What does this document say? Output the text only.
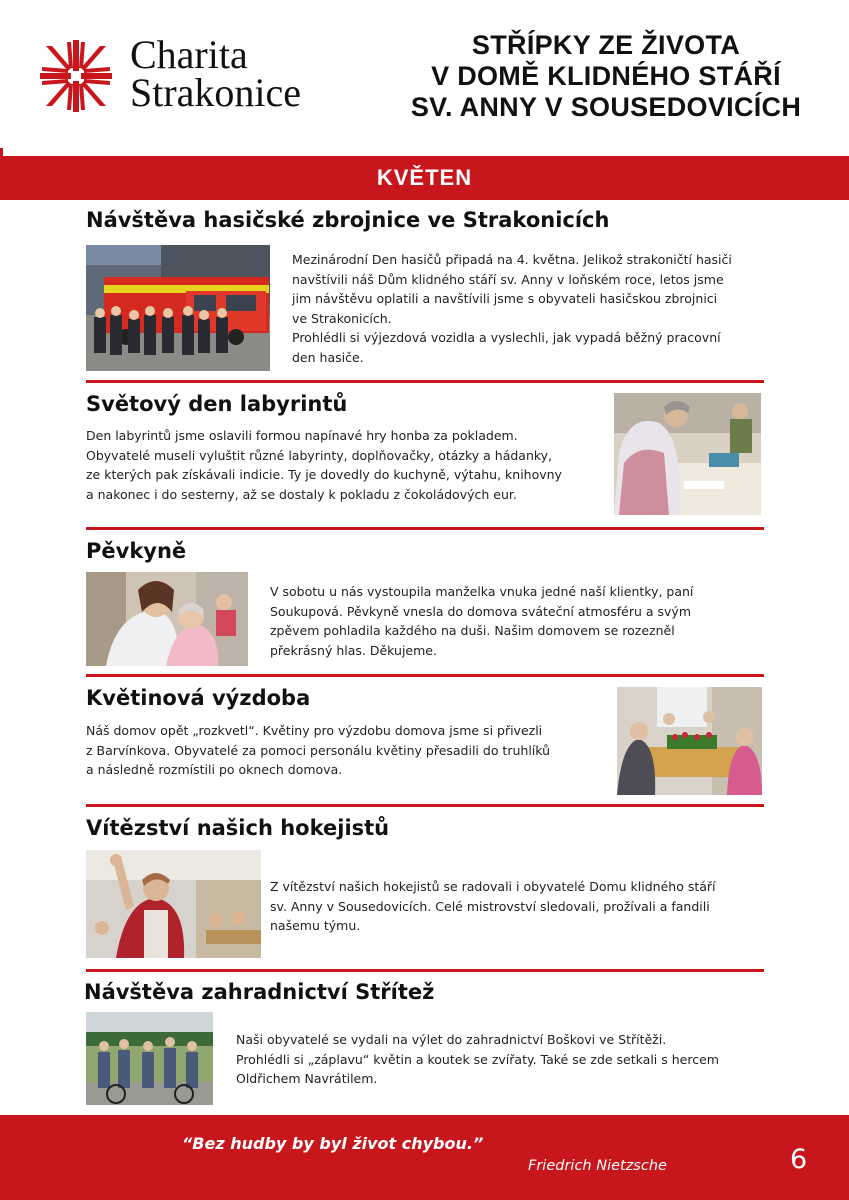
Charita
Strakonice
STŘÍPKY ZE ŽIVOTA
V DOMĚ KLIDNÉHO STÁŘÍ
SV. ANNY V SOUSEDOVICÍCH
KVĚTEN
Návštěva hasičské zbrojnice ve Strakonicích
Mezinárodní Den hasičů připadá na 4. května. Jelikož strakoničtí hasiči
navštívili náš Dům klidného stáří sv. Anny v loňském roce, letos jsme
jim návštěvu oplatili a navštívili jsme s obyvateli hasičskou zbrojnici
ve Strakonicích.
Prohlédli si výjezdová vozidla a vyslechli, jak vypadá běžný pracovní
den hasiče.
Světový den labyrintů
Den labyrintů jsme oslavili formou napínavé hry honba za pokladem.
Obyvatelé museli vyluštit různé labyrinty, doplňovačky, otázky a hádanky,
ze kterých pak získávali indicie. Ty je dovedly do kuchyně, výtahu, knihovny
a nakonec i do sesterny, až se dostaly k pokladu z čokoládových eur.
Pěvkyně
V sobotu u nás vystoupila manželka vnuka jedné naší klientky, paní
Soukupová. Pěvkyně vnesla do domova sváteční atmosféru a svým
zpěvem pohladila každého na duši. Našim domovem se rozezněl
překrásný hlas. Děkujeme.
Květinová výzdoba
Náš domov opět „rozkvetl“. Květiny pro výzdobu domova jsme si přivezli
z Barvínkova. Obyvatelé za pomoci personálu květiny přesadili do truhlíků
a následně rozmístili po oknech domova.
Vítězství našich hokejistů
Z vítězství našich hokejistů se radovali i obyvatelé Domu klidného stáří
sv. Anny v Sousedovicích. Celé mistrovství sledovali, prožívali a fandili
našemu týmu.
Návštěva zahradnictví Střítež
Naši obyvatelé se vydali na výlet do zahradnictví Boškovi ve Střítěži.
Prohlédli si „záplavu“ květin a koutek se zvířaty. Také se zde setkali s hercem
Oldřichem Navrátilem.
“Bez hudby by byl život chybou.”
Friedrich Nietzsche	6
